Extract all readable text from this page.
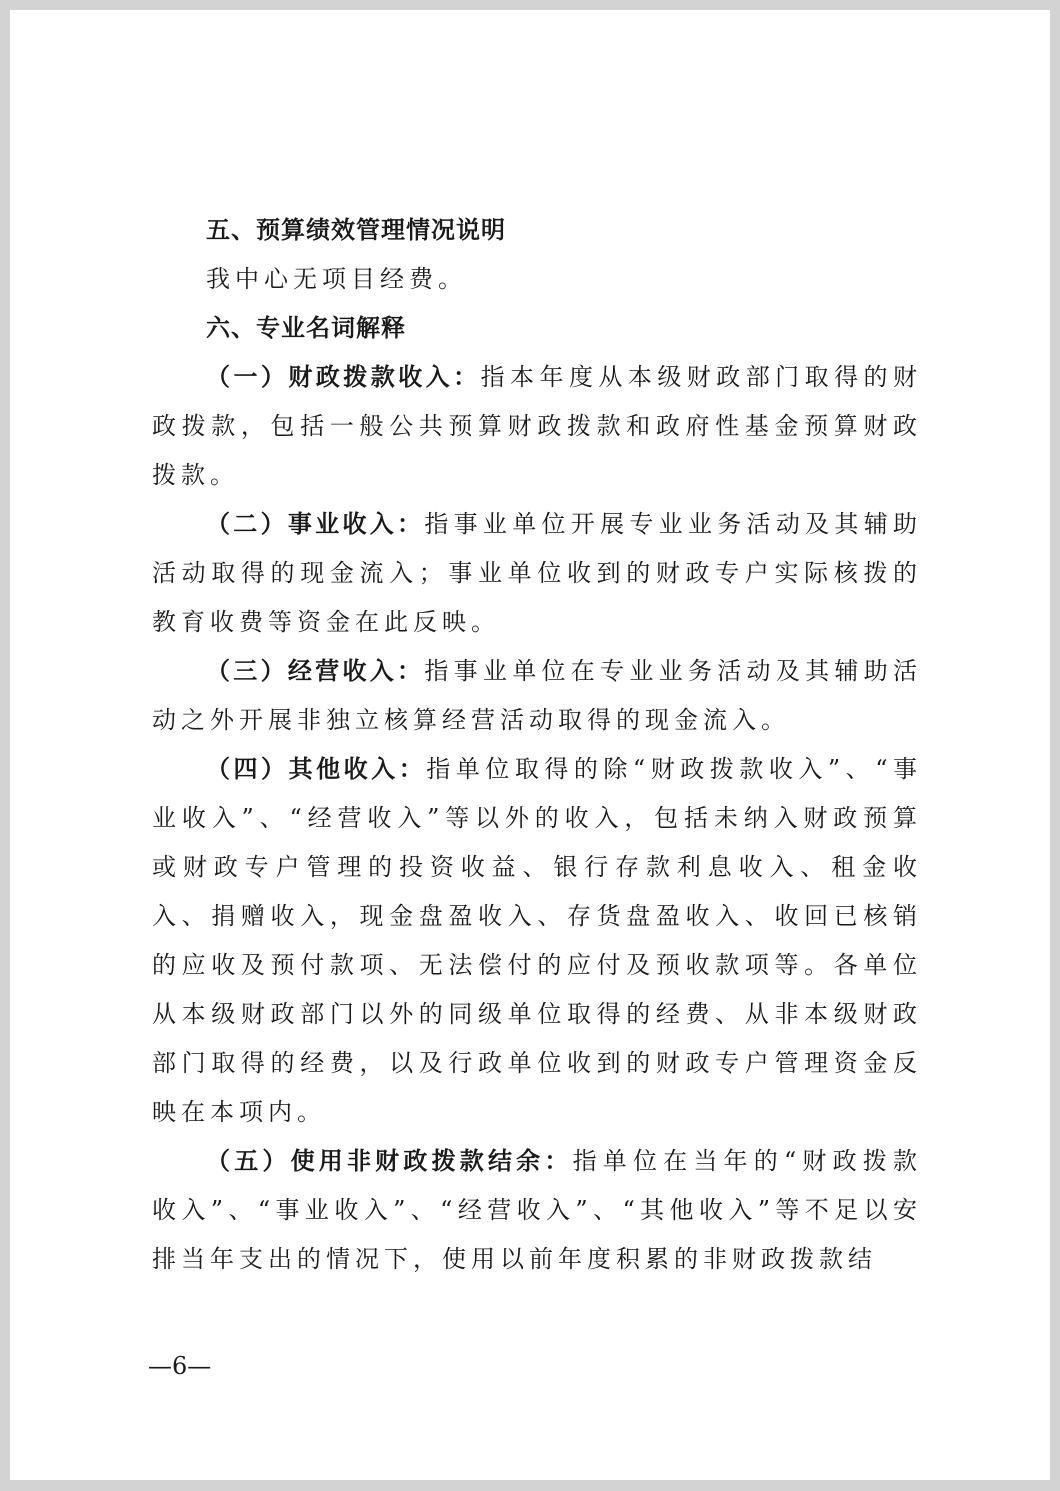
五、预算绩效管理情况说明

我中心无项目经费。

六、专业名词解释

（一）财政拨款收入：指本年度从本级财政部门取得的财政拨款，包括一般公共预算财政拨款和政府性基金预算财政拨款。

（二）事业收入：指事业单位开展专业业务活动及其辅助活动取得的现金流入；事业单位收到的财政专户实际核拨的教育收费等资金在此反映。

（三）经营收入：指事业单位在专业业务活动及其辅助活动之外开展非独立核算经营活动取得的现金流入。

（四）其他收入：指单位取得的除“财政拨款收入”、“事业收入”、“经营收入”等以外的收入，包括未纳入财政预算或财政专户管理的投资收益、银行存款利息收入、租金收入、捐赠收入，现金盘盈收入、存货盘盈收入、收回已核销的应收及预付款项、无法偿付的应付及预收款项等。各单位从本级财政部门以外的同级单位取得的经费、从非本级财政部门取得的经费，以及行政单位收到的财政专户管理资金反映在本项内。

（五）使用非财政拨款结余：指单位在当年的“财政拨款收入”、“事业收入”、“经营收入”、“其他收入”等不足以安排当年支出的情况下，使用以前年度积累的非财政拨款结

—6—
